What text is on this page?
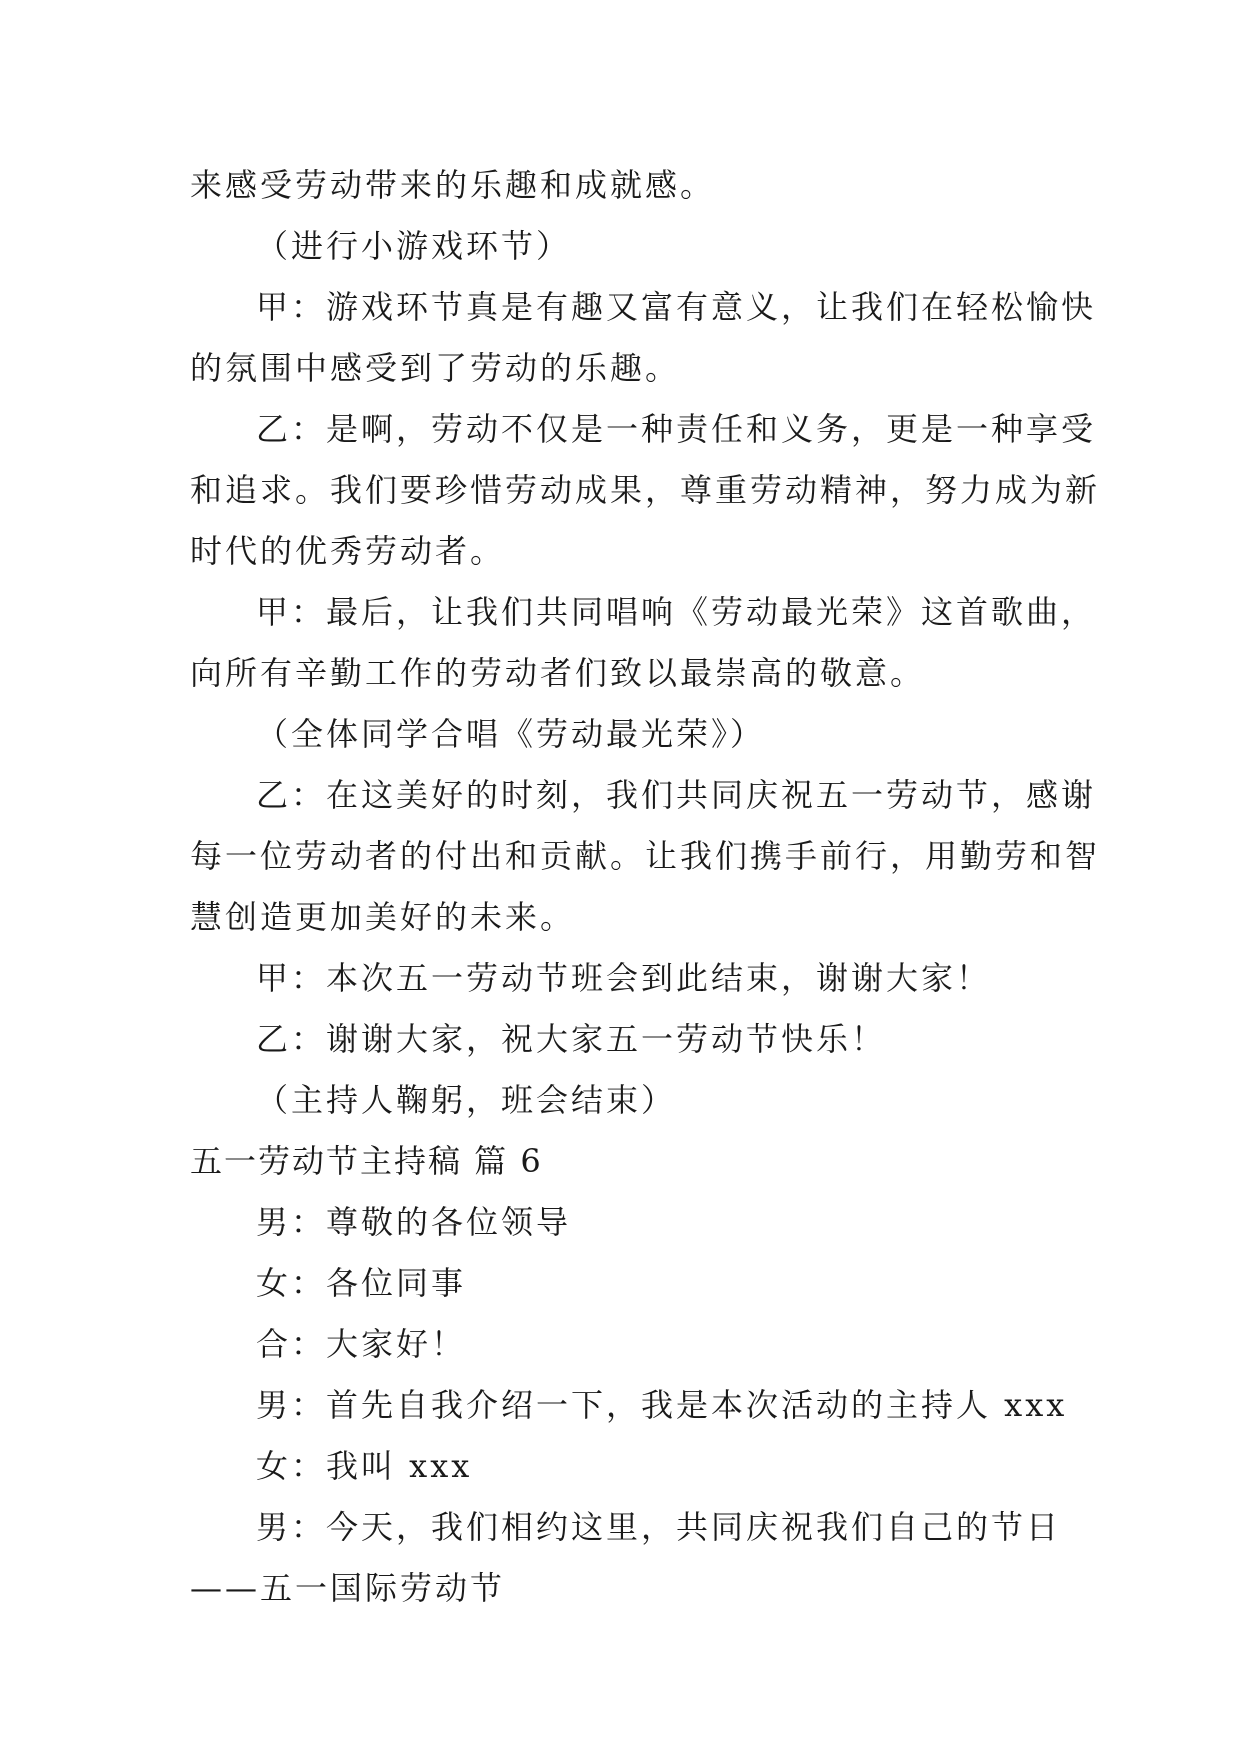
来感受劳动带来的乐趣和成就感。
（进行小游戏环节）
甲：游戏环节真是有趣又富有意义，让我们在轻松愉快
的氛围中感受到了劳动的乐趣。
乙：是啊，劳动不仅是一种责任和义务，更是一种享受
和追求。我们要珍惜劳动成果，尊重劳动精神，努力成为新
时代的优秀劳动者。
甲：最后，让我们共同唱响《劳动最光荣》这首歌曲，
向所有辛勤工作的劳动者们致以最崇高的敬意。
（全体同学合唱《劳动最光荣》）
乙：在这美好的时刻，我们共同庆祝五一劳动节，感谢
每一位劳动者的付出和贡献。让我们携手前行，用勤劳和智
慧创造更加美好的未来。
甲：本次五一劳动节班会到此结束，谢谢大家！
乙：谢谢大家，祝大家五一劳动节快乐！
（主持人鞠躬，班会结束）
五一劳动节主持稿 篇 6
男：尊敬的各位领导
女：各位同事
合：大家好！
男：首先自我介绍一下，我是本次活动的主持人 xxx
女：我叫 xxx
男：今天，我们相约这里，共同庆祝我们自己的节日
——五一国际劳动节
